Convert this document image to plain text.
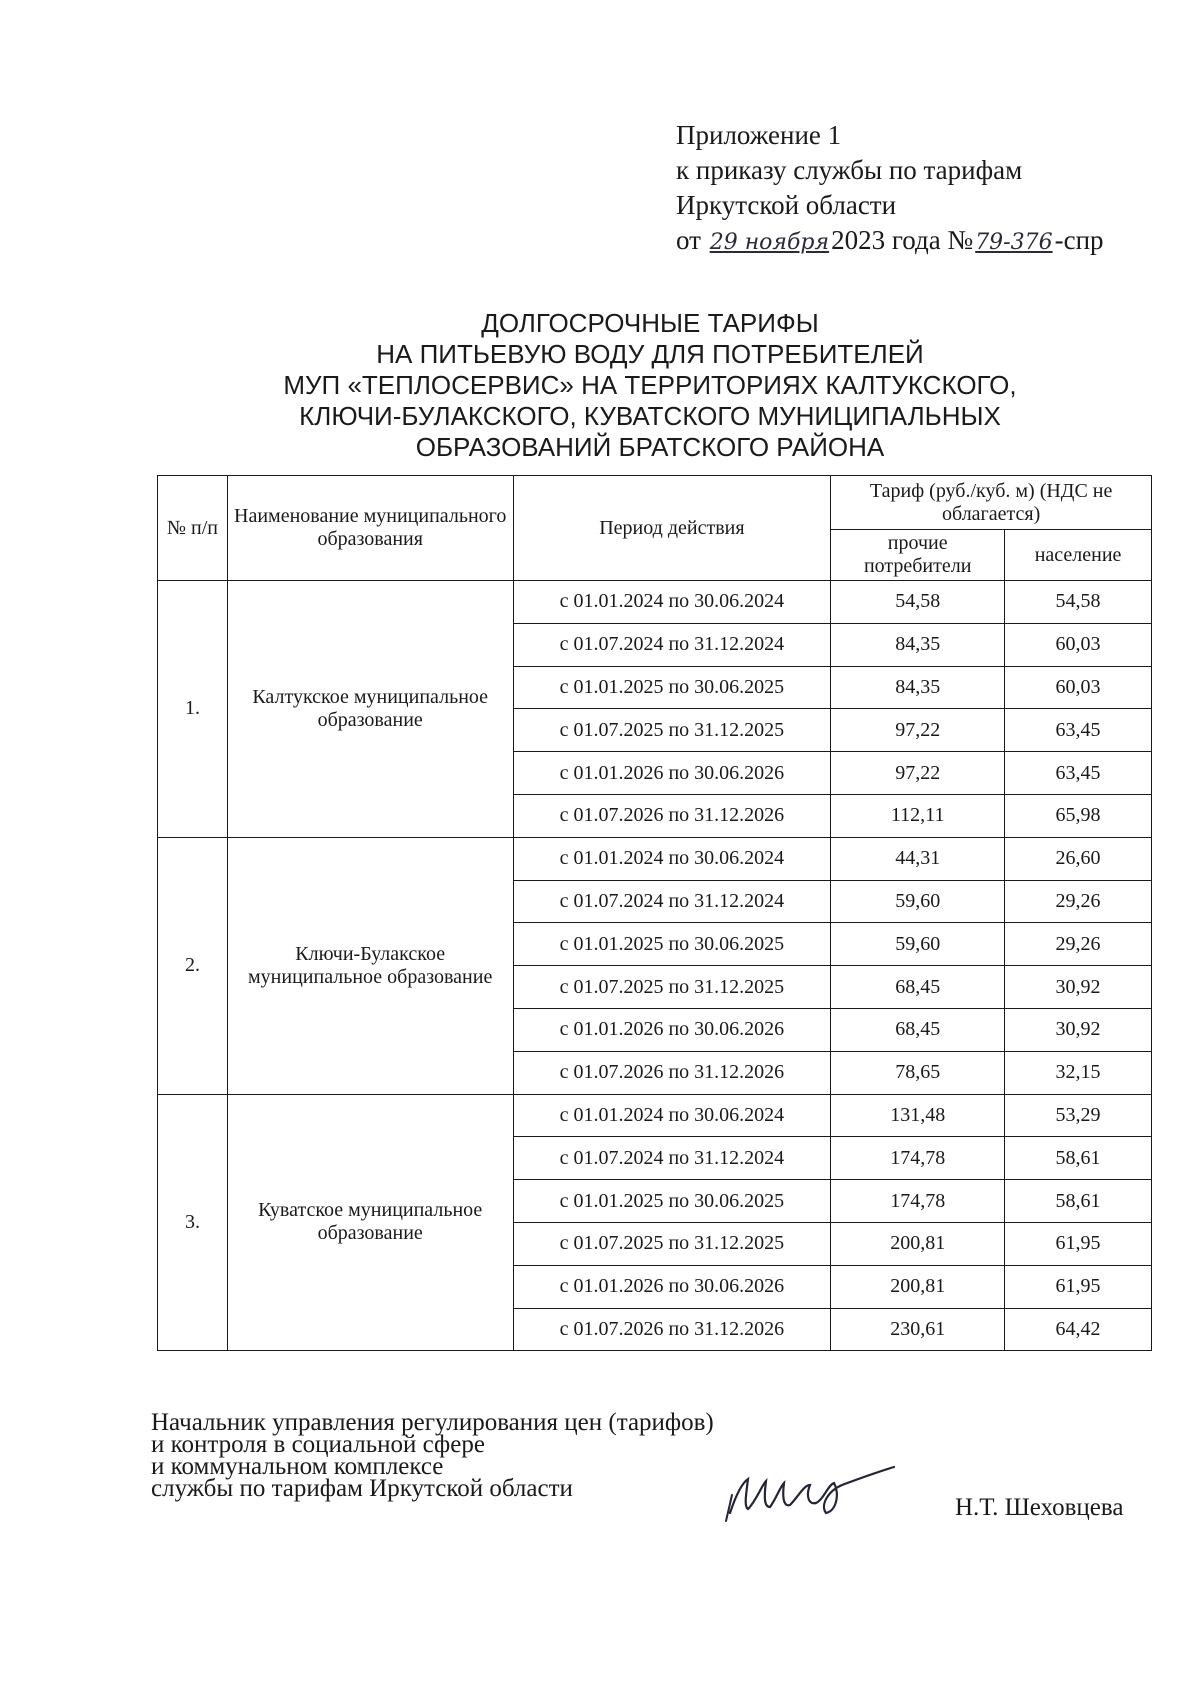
Приложение 1
к приказу службы по тарифам
Иркутской области
от 29 ноября2023 года №79-376-спр
ДОЛГОСРОЧНЫЕ ТАРИФЫ
НА ПИТЬЕВУЮ ВОДУ ДЛЯ ПОТРЕБИТЕЛЕЙ
МУП «ТЕПЛОСЕРВИС» НА ТЕРРИТОРИЯХ КАЛТУКСКОГО,
КЛЮЧИ-БУЛАКСКОГО, КУВАТСКОГО МУНИЦИПАЛЬНЫХ
ОБРАЗОВАНИЙ БРАТСКОГО РАЙОНА
№ п/п	Наименование муниципального образования	Период действия	Тариф (руб./куб. м) (НДС не облагается)	
			прочие потребители	население
1.	Калтукское муниципальное образование	с 01.01.2024 по 30.06.2024	54,58	54,58
		с 01.07.2024 по 31.12.2024	84,35	60,03
		с 01.01.2025 по 30.06.2025	84,35	60,03
		с 01.07.2025 по 31.12.2025	97,22	63,45
		с 01.01.2026 по 30.06.2026	97,22	63,45
		с 01.07.2026 по 31.12.2026	112,11	65,98
2.	Ключи-Булакское муниципальное образование	с 01.01.2024 по 30.06.2024	44,31	26,60
		с 01.07.2024 по 31.12.2024	59,60	29,26
		с 01.01.2025 по 30.06.2025	59,60	29,26
		с 01.07.2025 по 31.12.2025	68,45	30,92
		с 01.01.2026 по 30.06.2026	68,45	30,92
		с 01.07.2026 по 31.12.2026	78,65	32,15
3.	Куватское муниципальное образование	с 01.01.2024 по 30.06.2024	131,48	53,29
		с 01.07.2024 по 31.12.2024	174,78	58,61
		с 01.01.2025 по 30.06.2025	174,78	58,61
		с 01.07.2025 по 31.12.2025	200,81	61,95
		с 01.01.2026 по 30.06.2026	200,81	61,95
		с 01.07.2026 по 31.12.2026	230,61	64,42
Начальник управления регулирования цен (тарифов)
и контроля в социальной сфере
и коммунальном комплексе
службы по тарифам Иркутской области
Н.Т. Шеховцева
